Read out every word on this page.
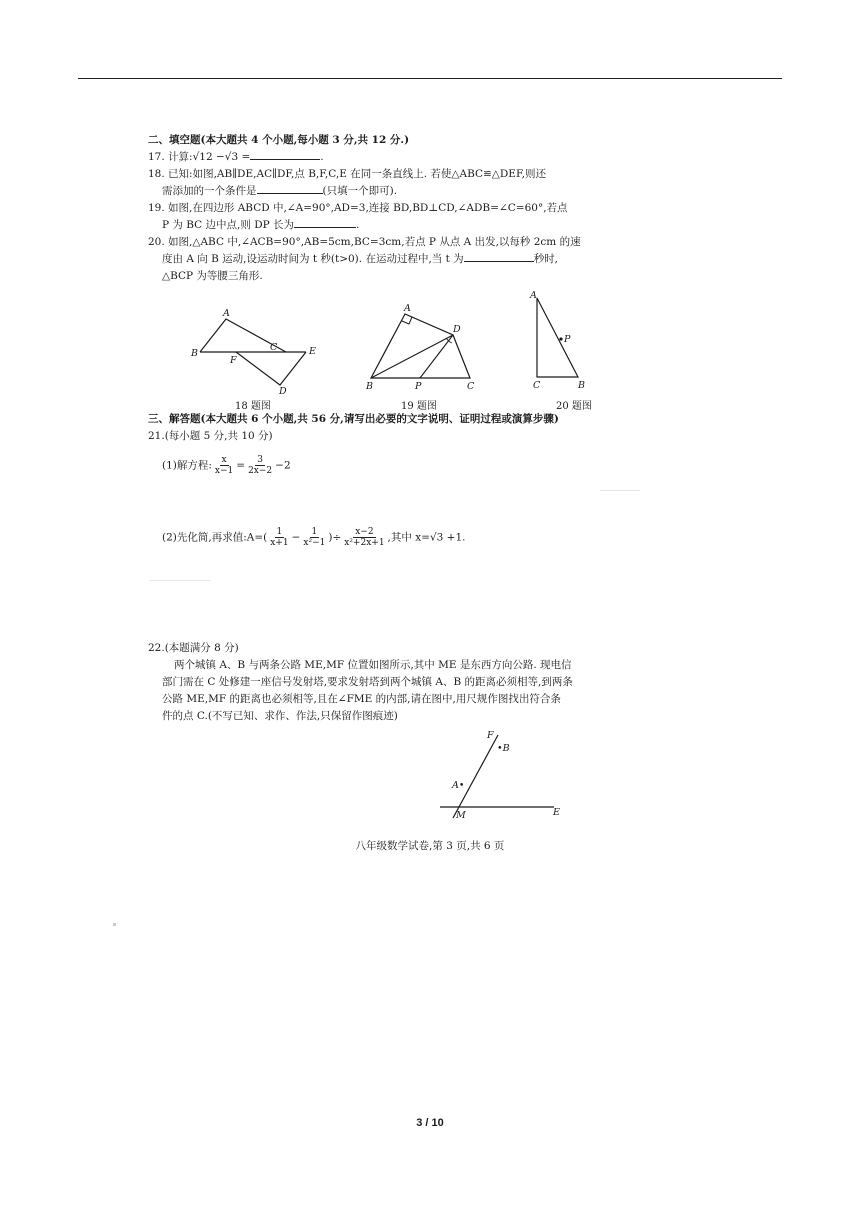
二、填空题(本大题共 4 个小题,每小题 3 分,共 12 分.)

17. 计算:√12 −√3 =	.

18. 已知:如图,AB∥DE,AC∥DF,点 B,F,C,E 在同一条直线上. 若使△ABC≌△DEF,则还

需添加的一个条件是	(只填一个即可).

19. 如图,在四边形 ABCD 中,∠A=90°,AD=3,连接 BD,BD⊥CD,∠ADB=∠C=60°,若点

P 为 BC 边中点,则 DP 长为	.

20. 如图,△ABC 中,∠ACB=90°,AB=5cm,BC=3cm,若点 P 从点 A 出发,以每秒 2cm 的速

度由 A 向 B 运动,设运动时间为 t 秒(t>0). 在运动过程中,当 t 为	秒时,

△BCP 为等腰三角形.

A
B
F
C	E
D
18 题图
A
D
B	P	C
19 题图
A
P
C	B
20 题图

三、解答题(本大题共 6 个小题,共 56 分,请写出必要的文字说明、证明过程或演算步骤)

21.(每小题 5 分,共 10 分)

(1)解方程: $\frac{x}{x-1} = \frac{3}{2x-2} -2$

(2)先化简,再求值:A=( $\frac{1}{x+1} - \frac{1}{\text{x²−1}}$ )÷ $\frac{x-2}{\text{x²+2x+1}}$ ,其中 x=√3 +1.

22.(本题满分 8 分)

两个城镇 A、B 与两条公路 ME,MF 位置如图所示,其中 ME 是东西方向公路. 现电信

部门需在 C 处修建一座信号发射塔,要求发射塔到两个城镇 A、B 的距离必须相等,到两条

公路 ME,MF 的距离也必须相等,且在∠FME 的内部,请在图中,用尺规作图找出符合条

件的点 C.(不写已知、求作、作法,只保留作图痕迹)

F
•B
A•
M	E
八年级数学试卷,第 3 页,共 6 页
3 / 10
